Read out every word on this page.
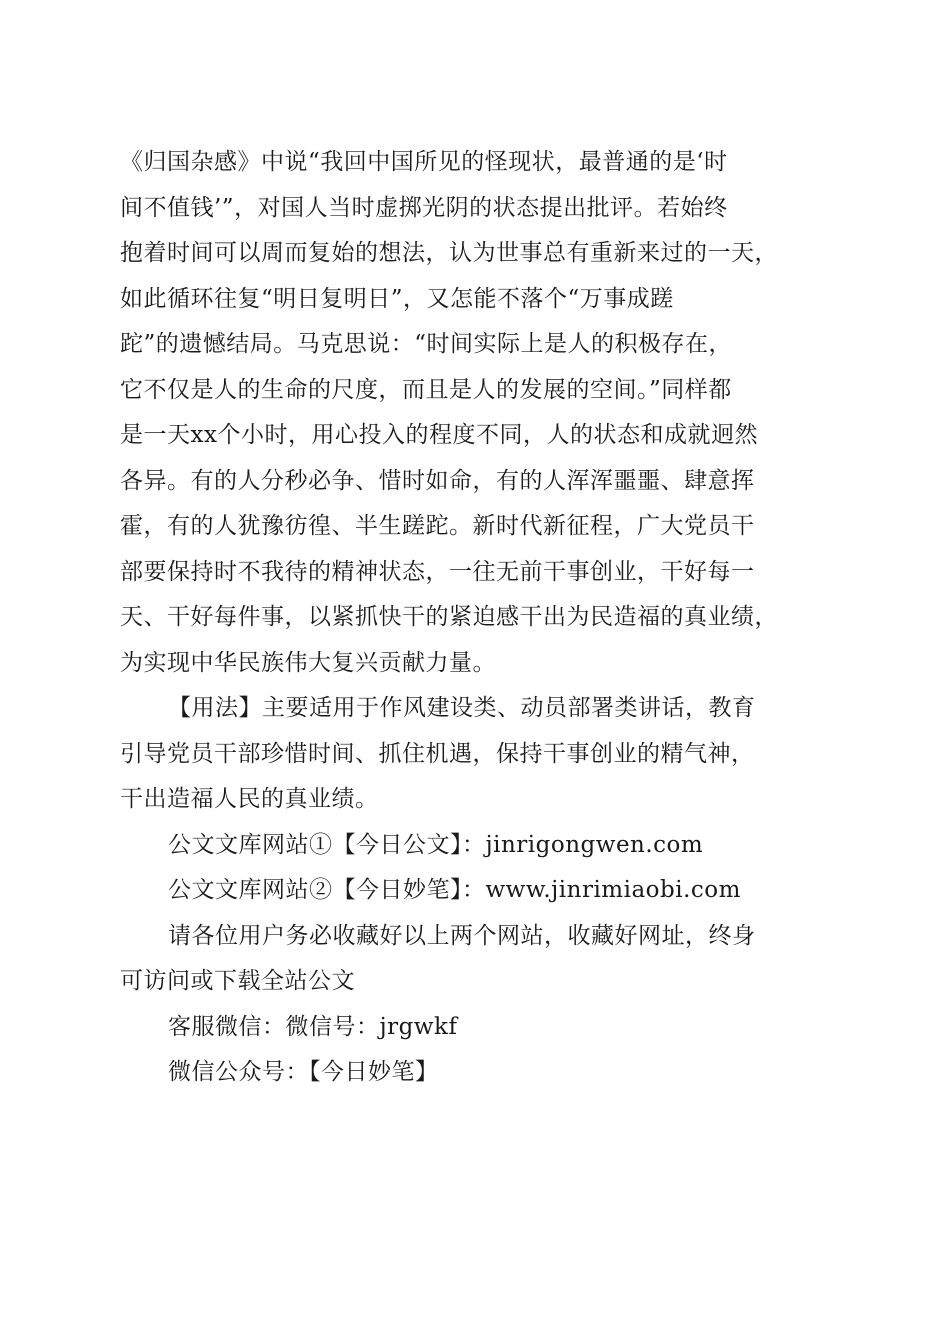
《归国杂感》中说“我回中国所见的怪现状，最普通的是‘时
间不值钱’”，对国人当时虚掷光阴的状态提出批评。若始终
抱着时间可以周而复始的想法，认为世事总有重新来过的一天，
如此循环往复“明日复明日”，又怎能不落个“万事成蹉
跎”的遗憾结局。马克思说：“时间实际上是人的积极存在，
它不仅是人的生命的尺度，而且是人的发展的空间。”同样都
是一天xx个小时，用心投入的程度不同，人的状态和成就迥然
各异。有的人分秒必争、惜时如命，有的人浑浑噩噩、肆意挥
霍，有的人犹豫彷徨、半生蹉跎。新时代新征程，广大党员干
部要保持时不我待的精神状态，一往无前干事创业，干好每一
天、干好每件事，以紧抓快干的紧迫感干出为民造福的真业绩，
为实现中华民族伟大复兴贡献力量。
【用法】主要适用于作风建设类、动员部署类讲话，教育
引导党员干部珍惜时间、抓住机遇，保持干事创业的精气神，
干出造福人民的真业绩。
公文文库网站①【今日公文】：jinrigongwen.com
公文文库网站②【今日妙笔】：www.jinrimiaobi.com
请各位用户务必收藏好以上两个网站，收藏好网址，终身
可访问或下载全站公文
客服微信：微信号：jrgwkf
微信公众号：【今日妙笔】
